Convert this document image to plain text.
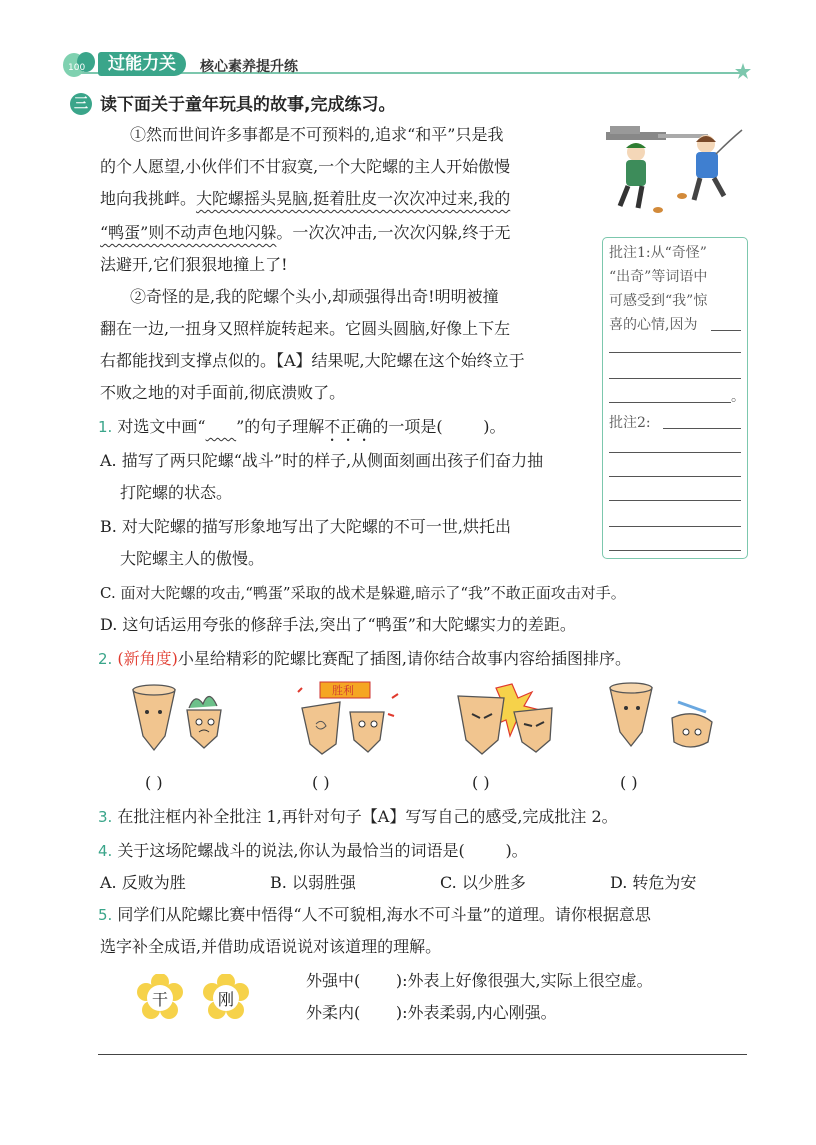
100	过能力关	核心素养提升练
三 读下面关于童年玩具的故事,完成练习。
①然而世间许多事都是不可预料的,追求“和平”只是我
的个人愿望,小伙伴们不甘寂寞,一个大陀螺的主人开始傲慢
地向我挑衅。大陀螺摇头晃脑,挺着肚皮一次次冲过来,我的
“鸭蛋”则不动声色地闪躲。一次次冲击,一次次闪躲,终于无
法避开,它们狠狠地撞上了!
②奇怪的是,我的陀螺个头小,却顽强得出奇!明明被撞
翻在一边,一扭身又照样旋转起来。它圆头圆脑,好像上下左
右都能找到支撑点似的。【A】结果呢,大陀螺在这个始终立于
不败之地的对手面前,彻底溃败了。
批注1:从“奇怪”
“出奇”等词语中
可感受到“我”惊
喜的心情,因为
。
批注2:
1. 对选文中画“ ”的句子理解不正确的一项是(	)。
A. 描写了两只陀螺“战斗”时的样子,从侧面刻画出孩子们奋力抽
打陀螺的状态。
B. 对大陀螺的描写形象地写出了大陀螺的不可一世,烘托出
大陀螺主人的傲慢。
C. 面对大陀螺的攻击,“鸭蛋”采取的战术是躲避,暗示了“我”不敢正面攻击对手。
D. 这句话运用夸张的修辞手法,突出了“鸭蛋”和大陀螺实力的差距。
2. (新角度)小星给精彩的陀螺比赛配了插图,请你结合故事内容给插图排序。
胜利
( )	( )	( )	( )
3. 在批注框内补全批注 1,再针对句子【A】写写自己的感受,完成批注 2。
4. 关于这场陀螺战斗的说法,你认为最恰当的词语是(	)。
A. 反败为胜	B. 以弱胜强	C. 以少胜多	D. 转危为安
5. 同学们从陀螺比赛中悟得“人不可貌相,海水不可斗量”的道理。请你根据意思
选字补全成语,并借助成语说说对该道理的理解。
干	刚
外强中(       ):外表上好像很强大,实际上很空虚。
外柔内(       ):外表柔弱,内心刚强。
